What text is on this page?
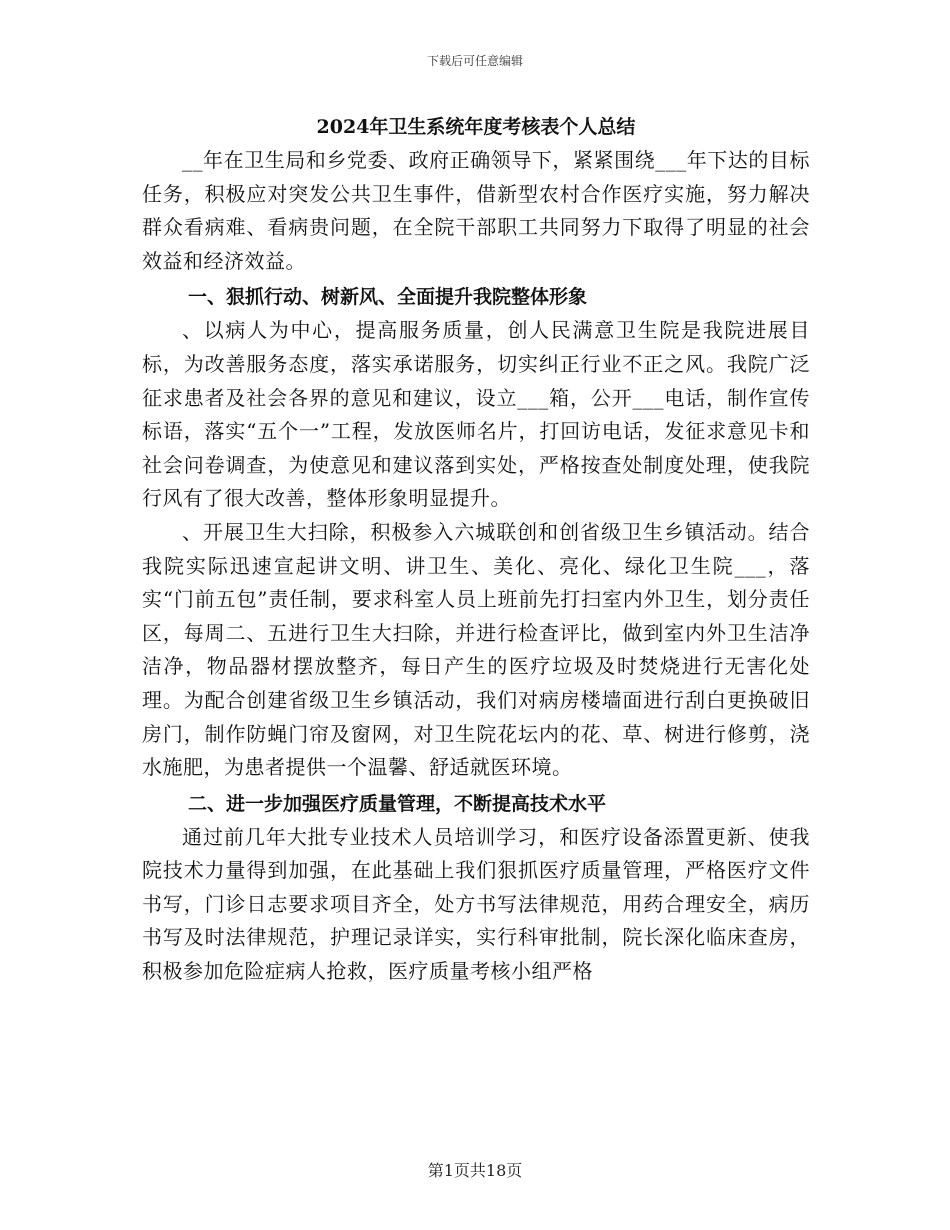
下载后可任意编辑
2024年卫生系统年度考核表个人总结

__年在卫生局和乡党委、政府正确领导下，紧紧围绕___年下达的目标任务，积极应对突发公共卫生事件，借新型农村合作医疗实施，努力解决群众看病难、看病贵问题，在全院干部职工共同努力下取得了明显的社会效益和经济效益。

一、狠抓行动、树新风、全面提升我院整体形象

、以病人为中心，提高服务质量，创人民满意卫生院是我院进展目标，为改善服务态度，落实承诺服务，切实纠正行业不正之风。我院广泛征求患者及社会各界的意见和建议，设立___箱，公开___电话，制作宣传标语，落实“五个一”工程，发放医师名片，打回访电话，发征求意见卡和社会问卷调查，为使意见和建议落到实处，严格按查处制度处理，使我院行风有了很大改善，整体形象明显提升。

、开展卫生大扫除，积极参入六城联创和创省级卫生乡镇活动。结合我院实际迅速宣起讲文明、讲卫生、美化、亮化、绿化卫生院___，落实“门前五包”责任制，要求科室人员上班前先打扫室内外卫生，划分责任区，每周二、五进行卫生大扫除，并进行检查评比，做到室内外卫生洁净洁净，物品器材摆放整齐，每日产生的医疗垃圾及时焚烧进行无害化处理。为配合创建省级卫生乡镇活动，我们对病房楼墙面进行刮白更换破旧房门，制作防蝇门帘及窗网，对卫生院花坛内的花、草、树进行修剪，浇水施肥，为患者提供一个温馨、舒适就医环境。

二、进一步加强医疗质量管理，不断提高技术水平

通过前几年大批专业技术人员培训学习，和医疗设备添置更新、使我院技术力量得到加强，在此基础上我们狠抓医疗质量管理，严格医疗文件书写，门诊日志要求项目齐全，处方书写法律规范，用药合理安全，病历书写及时法律规范，护理记录详实，实行科审批制，院长深化临床查房，积极参加危险症病人抢救，医疗质量考核小组严格

第1页共18页
